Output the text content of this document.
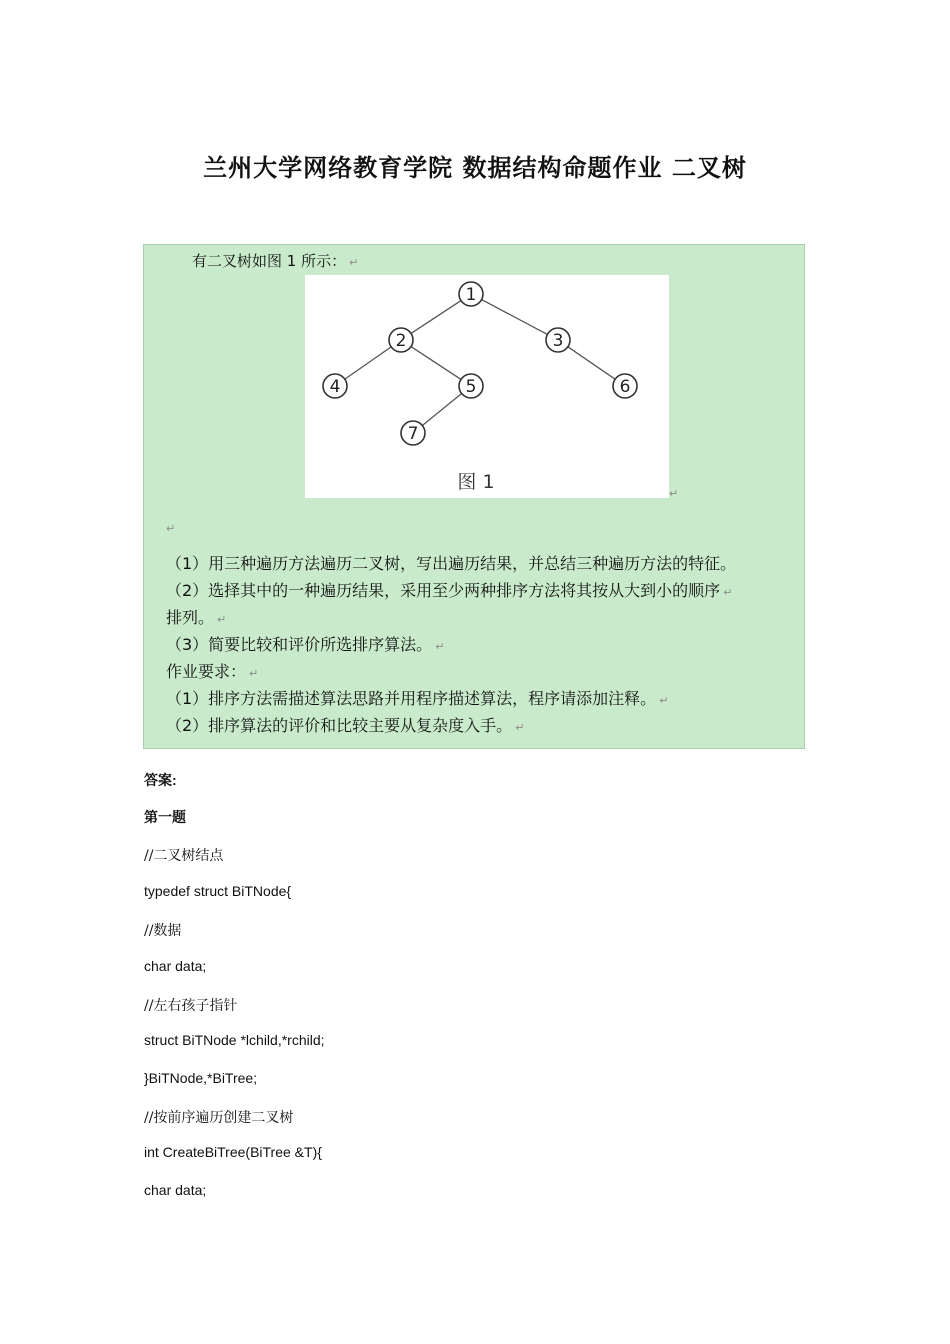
兰州大学网络教育学院 数据结构命题作业 二叉树
有二叉树如图 1 所示： ↵
1
2	3
4	5	6
7
图 1
↵
↵
（1）用三种遍历方法遍历二叉树，写出遍历结果，并总结三种遍历方法的特征。
（2）选择其中的一种遍历结果，采用至少两种排序方法将其按从大到小的顺序 ↵
排列。 ↵
（3）简要比较和评价所选排序算法。 ↵
作业要求： ↵
（1）排序方法需描述算法思路并用程序描述算法，程序请添加注释。 ↵
（2）排序算法的评价和比较主要从复杂度入手。 ↵
答案:
第一题
//二叉树结点
typedef struct BiTNode{
//数据
char data;
//左右孩子指针
struct BiTNode *lchild,*rchild;
}BiTNode,*BiTree;
//按前序遍历创建二叉树
int CreateBiTree(BiTree &T){
char data;
